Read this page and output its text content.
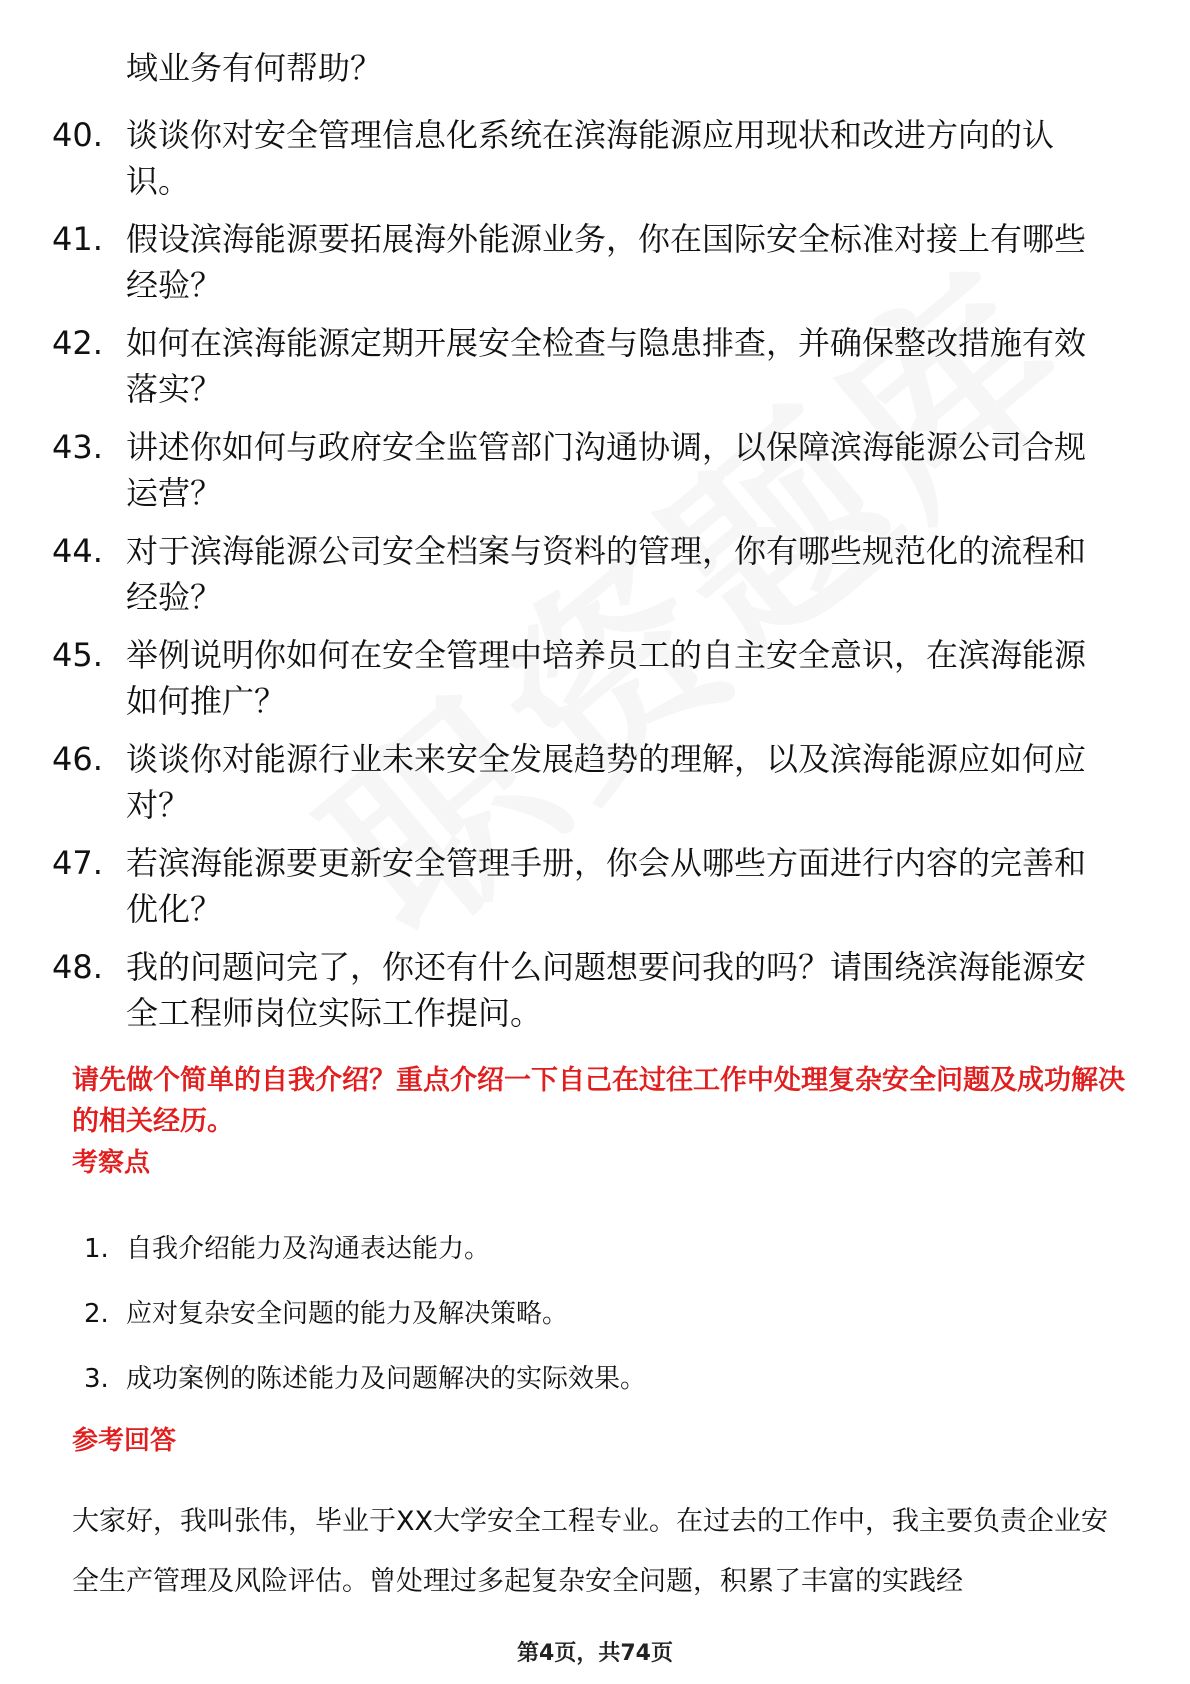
域业务有何帮助？
40. 谈谈你对安全管理信息化系统在滨海能源应用现状和改进方向的认识。
41. 假设滨海能源要拓展海外能源业务，你在国际安全标准对接上有哪些经验？
42. 如何在滨海能源定期开展安全检查与隐患排查，并确保整改措施有效落实？
43. 讲述你如何与政府安全监管部门沟通协调，以保障滨海能源公司合规运营？
44. 对于滨海能源公司安全档案与资料的管理，你有哪些规范化的流程和经验？
45. 举例说明你如何在安全管理中培养员工的自主安全意识，在滨海能源如何推广？
46. 谈谈你对能源行业未来安全发展趋势的理解，以及滨海能源应如何应对？
47. 若滨海能源要更新安全管理手册，你会从哪些方面进行内容的完善和优化？
48. 我的问题问完了，你还有什么问题想要问我的吗？请围绕滨海能源安全工程师岗位实际工作提问。
请先做个简单的自我介绍？重点介绍一下自己在过往工作中处理复杂安全问题及成功解决的相关经历。
考察点
1. 自我介绍能力及沟通表达能力。
2. 应对复杂安全问题的能力及解决策略。
3. 成功案例的陈述能力及问题解决的实际效果。
参考回答
大家好，我叫张伟，毕业于XX大学安全工程专业。在过去的工作中，我主要负责企业安全生产管理及风险评估。曾处理过多起复杂安全问题，积累了丰富的实践经
第4页，共74页
